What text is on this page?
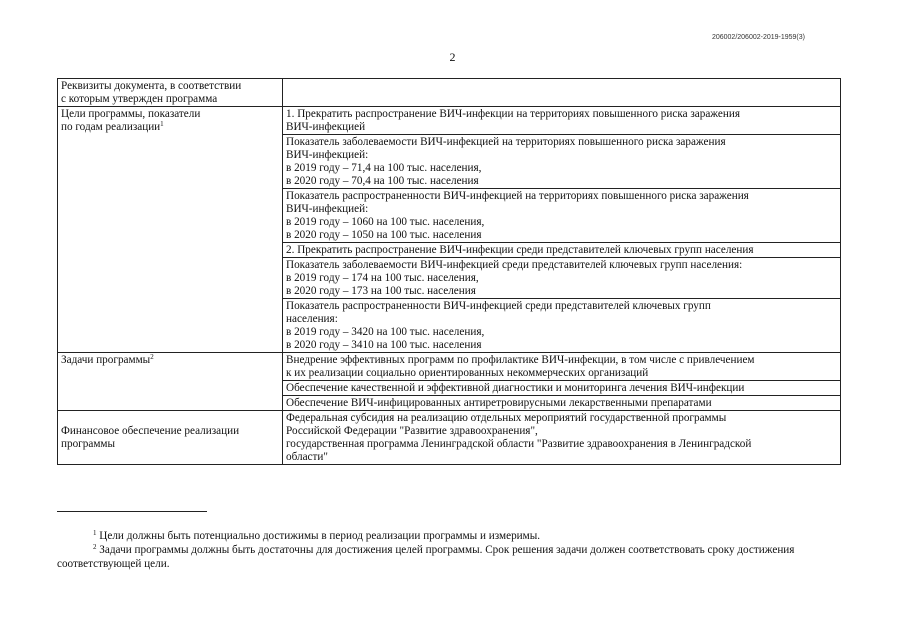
206002/206002-2019-1959(3)
2
Реквизиты документа, в соответствии
с которым утвержден программа	

Цели программы, показатели
по годам реализации$^1$	1. Прекратить распространение ВИЧ-инфекции на территориях повышенного риска заражения
ВИЧ-инфекцией

	Показатель заболеваемости ВИЧ-инфекцией на территориях повышенного риска заражения
ВИЧ-инфекцией:
в 2019 году – 71,4 на 100 тыс. населения,
в 2020 году – 70,4 на 100 тыс. населения

	Показатель распространенности ВИЧ-инфекцией на территориях повышенного риска заражения
ВИЧ-инфекцией:
в 2019 году – 1060 на 100 тыс. населения,
в 2020 году – 1050 на 100 тыс. населения

	2. Прекратить распространение ВИЧ-инфекции среди представителей ключевых групп населения

	Показатель заболеваемости ВИЧ-инфекцией среди представителей ключевых групп населения:
в 2019 году – 174 на 100 тыс. населения,
в 2020 году – 173 на 100 тыс. населения

	Показатель распространенности ВИЧ-инфекцией среди представителей ключевых групп
населения:
в 2019 году – 3420 на 100 тыс. населения,
в 2020 году – 3410 на 100 тыс. населения

Задачи программы$^2$	Внедрение эффективных программ по профилактике ВИЧ-инфекции, в том числе с привлечением
к их реализации социально ориентированных некоммерческих организаций

	Обеспечение качественной и эффективной диагностики и мониторинга лечения ВИЧ-инфекции

	Обеспечение ВИЧ-инфицированных антиретровирусными лекарственными препаратами

Финансовое обеспечение реализации
программы	Федеральная субсидия на реализацию отдельных мероприятий государственной программы
Российской Федерации "Развитие здравоохранения",
государственная программа Ленинградской области "Развитие здравоохранения в Ленинградской
области"
$^1$ Цели должны быть потенциально достижимы в период реализации программы и измеримы.
$^2$ Задачи программы должны быть достаточны для достижения целей программы. Срок решения задачи должен соответствовать сроку достижения соответствующей цели.
